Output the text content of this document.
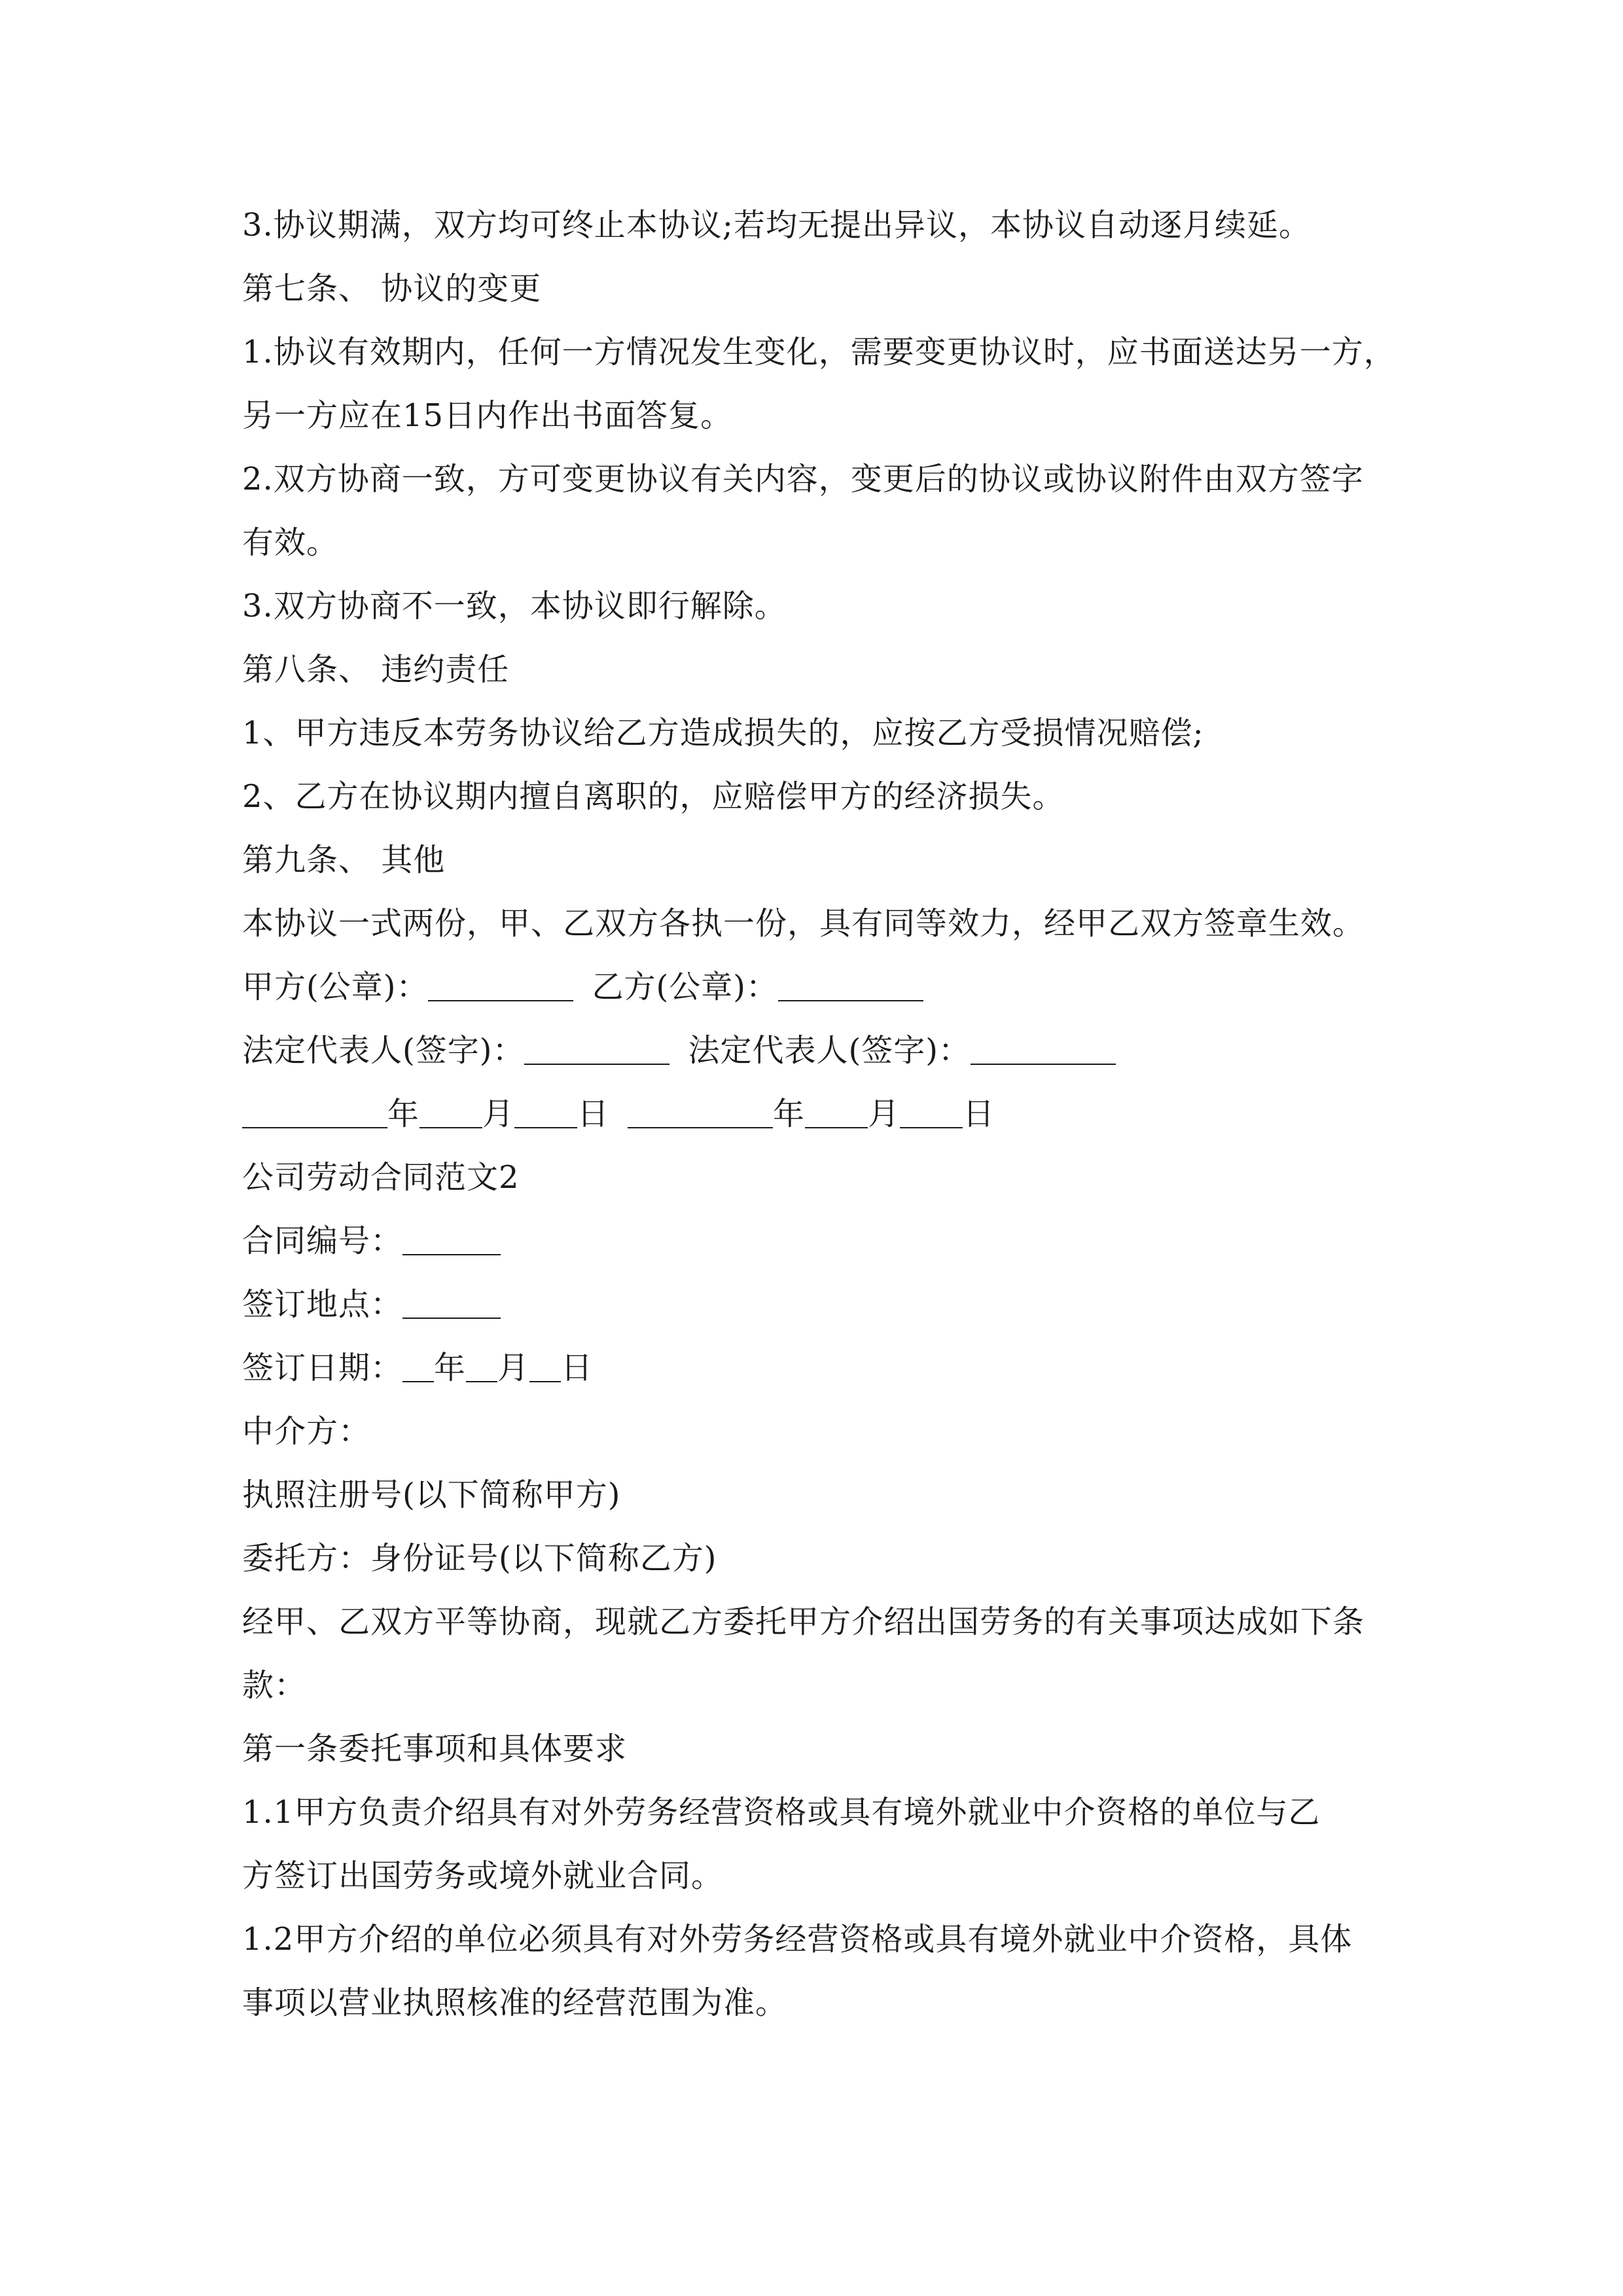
3.协议期满，双方均可终止本协议;若均无提出异议，本协议自动逐月续延。
第七条、 协议的变更
1.协议有效期内，任何一方情况发生变化，需要变更协议时，应书面送达另一方，
另一方应在15日内作出书面答复。
2.双方协商一致，方可变更协议有关内容，变更后的协议或协议附件由双方签字
有效。
3.双方协商不一致，本协议即行解除。
第八条、 违约责任
1、甲方违反本劳务协议给乙方造成损失的，应按乙方受损情况赔偿;
2、乙方在协议期内擅自离职的，应赔偿甲方的经济损失。
第九条、 其他
本协议一式两份，甲、乙双方各执一份，具有同等效力，经甲乙双方签章生效。
甲方(公章)：	乙方(公章)：
法定代表人(签字)：	法定代表人(签字)：
年 月 日	年 月 日
公司劳动合同范文2
合同编号：
签订地点：
签订日期： 年 月 日
中介方：
执照注册号(以下简称甲方)
委托方：身份证号(以下简称乙方)
经甲、乙双方平等协商，现就乙方委托甲方介绍出国劳务的有关事项达成如下条
款：
第一条委托事项和具体要求
1.1甲方负责介绍具有对外劳务经营资格或具有境外就业中介资格的单位与乙
方签订出国劳务或境外就业合同。
1.2甲方介绍的单位必须具有对外劳务经营资格或具有境外就业中介资格，具体
事项以营业执照核准的经营范围为准。
